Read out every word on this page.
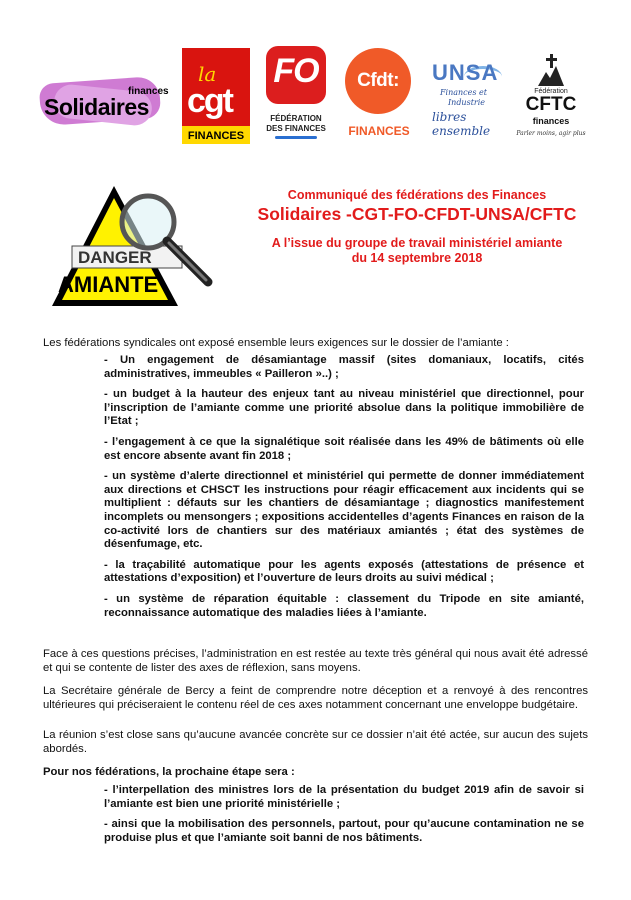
finances
Solidaires
la
cgt
FINANCES
FO
FÉDÉRATION
DES FINANCES
Cfdt:
FINANCES
UNSA
Finances et
Industrie
libres ensemble
Fédération
CFTC
finances
Parler moins, agir plus
DANGER
AMIANTE
Communiqué des fédérations des Finances
Solidaires -CGT-FO-CFDT-UNSA/CFTC
A l’issue du groupe de travail ministériel amiante
du 14 septembre 2018
Les fédérations syndicales ont exposé ensemble leurs exigences sur le dossier de l’amiante :
- Un engagement de désamiantage massif (sites domaniaux, locatifs, cités administratives, immeubles « Pailleron »..) ;
- un budget à la hauteur des enjeux tant au niveau ministériel que directionnel, pour l’inscription de l’amiante comme une priorité absolue dans la politique immobilière de l’Etat ;
- l’engagement à ce que la signalétique soit réalisée dans les 49% de bâtiments où elle est encore absente avant fin 2018 ;
- un système d’alerte directionnel et ministériel qui permette de donner immédiatement aux directions et CHSCT les instructions pour réagir efficacement aux incidents qui se multiplient : défauts sur les chantiers de désamiantage ; diagnostics manifestement incomplets ou mensongers ; expositions accidentelles d’agents Finances en raison de la co-activité lors de chantiers sur des matériaux amiantés ; état des systèmes de désenfumage, etc.
- la traçabilité automatique pour les agents exposés (attestations de présence et attestations d’exposition) et l’ouverture de leurs droits au suivi médical ;
- un système de réparation équitable : classement du Tripode en site amianté, reconnaissance automatique des maladies liées à l’amiante.

Face à ces questions précises, l’administration en est restée au texte très général qui nous avait été adressé et qui se contente de lister des axes de réflexion, sans moyens.

La Secrétaire générale de Bercy a feint de comprendre notre déception et a renvoyé à des rencontres ultérieures qui préciseraient le contenu réel de ces axes notamment concernant une enveloppe budgétaire.

La réunion s’est close sans qu’aucune avancée concrète sur ce dossier n’ait été actée, sur aucun des sujets abordés.

Pour nos fédérations, la prochaine étape sera :

- l’interpellation des ministres lors de la présentation du budget 2019 afin de savoir si l’amiante est bien une priorité ministérielle ;
- ainsi que la mobilisation des personnels, partout, pour qu’aucune contamination ne se produise plus et que l’amiante soit banni de nos bâtiments.
